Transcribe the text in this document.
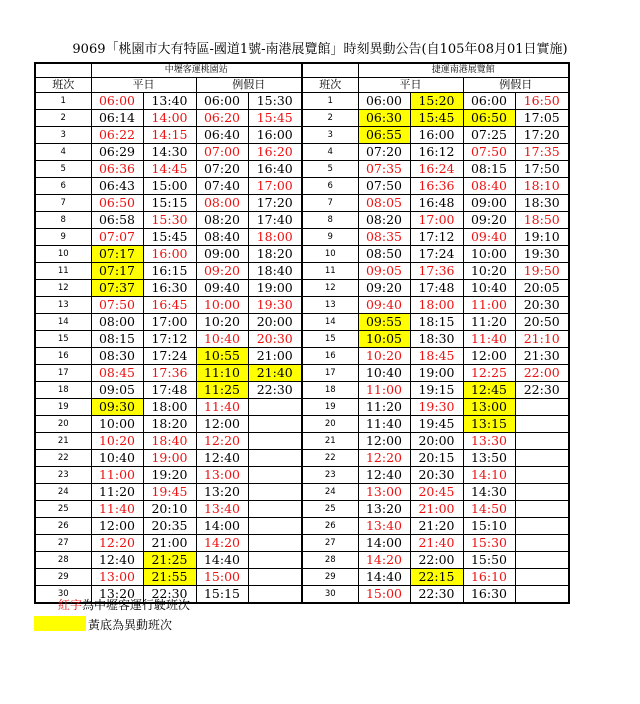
9069「桃園市大有特區-國道1號-南港展覽館」時刻異動公告(自105年08月01日實施)
	中壢客運桃園站					捷運南港展覽館			
班次	平日		例假日		班次	平日		例假日	
1	06:00	13:40	06:00	15:30	1	06:00	15:20	06:00	16:50
2	06:14	14:00	06:20	15:45	2	06:30	15:45	06:50	17:05
3	06:22	14:15	06:40	16:00	3	06:55	16:00	07:25	17:20
4	06:29	14:30	07:00	16:20	4	07:20	16:12	07:50	17:35
5	06:36	14:45	07:20	16:40	5	07:35	16:24	08:15	17:50
6	06:43	15:00	07:40	17:00	6	07:50	16:36	08:40	18:10
7	06:50	15:15	08:00	17:20	7	08:05	16:48	09:00	18:30
8	06:58	15:30	08:20	17:40	8	08:20	17:00	09:20	18:50
9	07:07	15:45	08:40	18:00	9	08:35	17:12	09:40	19:10
10	07:17	16:00	09:00	18:20	10	08:50	17:24	10:00	19:30
11	07:17	16:15	09:20	18:40	11	09:05	17:36	10:20	19:50
12	07:37	16:30	09:40	19:00	12	09:20	17:48	10:40	20:05
13	07:50	16:45	10:00	19:30	13	09:40	18:00	11:00	20:30
14	08:00	17:00	10:20	20:00	14	09:55	18:15	11:20	20:50
15	08:15	17:12	10:40	20:30	15	10:05	18:30	11:40	21:10
16	08:30	17:24	10:55	21:00	16	10:20	18:45	12:00	21:30
17	08:45	17:36	11:10	21:40	17	10:40	19:00	12:25	22:00
18	09:05	17:48	11:25	22:30	18	11:00	19:15	12:45	22:30
19	09:30	18:00	11:40		19	11:20	19:30	13:00	
20	10:00	18:20	12:00		20	11:40	19:45	13:15	
21	10:20	18:40	12:20		21	12:00	20:00	13:30	
22	10:40	19:00	12:40		22	12:20	20:15	13:50	
23	11:00	19:20	13:00		23	12:40	20:30	14:10	
24	11:20	19:45	13:20		24	13:00	20:45	14:30	
25	11:40	20:10	13:40		25	13:20	21:00	14:50	
26	12:00	20:35	14:00		26	13:40	21:20	15:10	
27	12:20	21:00	14:20		27	14:00	21:40	15:30	
28	12:40	21:25	14:40		28	14:20	22:00	15:50	
29	13:00	21:55	15:00		29	14:40	22:15	16:10	
30	13:20	22:30	15:15		30	15:00	22:30	16:30	
紅字為中壢客運行駛班次
黃底為異動班次
